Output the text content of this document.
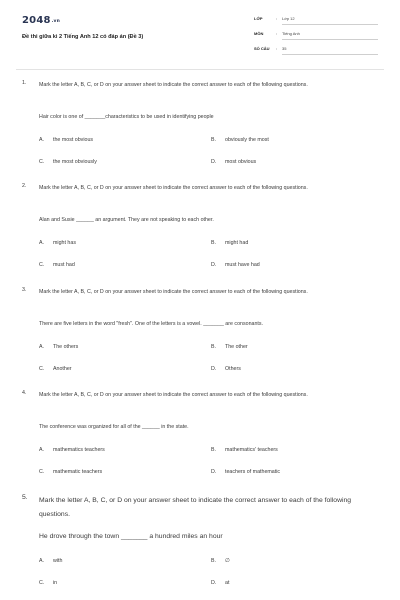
2048.vn
Đề thi giữa kì 2 Tiếng Anh 12 có đáp án (Đề 3)
LỚP	: Lớp 12
MÔN	: Tiếng Anh
SỐ CÂU : 35
1. Mark the letter A, B, C, or D on your answer sheet to indicate the correct answer to each of the following questions.
Hair color is one of _______characteristics to be used in identifying people
A. the most obvious	B. obviously the most
C. the most obviously	D. most obvious
2. Mark the letter A, B, C, or D on your answer sheet to indicate the correct answer to each of the following questions.
Alan and Susie ______ an argument. They are not speaking to each other.
A. might has	B. might had
C. must had	D. must have had
3. Mark the letter A, B, C, or D on your answer sheet to indicate the correct answer to each of the following questions.
There are five letters in the word "fresh". One of the letters is a vowel. _______ are consonants.
A. The others	B. The other
C. Another	D. Others
4. Mark the letter A, B, C, or D on your answer sheet to indicate the correct answer to each of the following questions.
The conference was organized for all of the ______ in the state.
A. mathematics teachers	B. mathematics' teachers
C. mathematic teachers	D. teachers of mathematic
5. Mark the letter A, B, C, or D on your answer sheet to indicate the correct answer to each of the following questions.
He drove through the town _______ a hundred miles an hour
A. with	B. ∅
C. in	D. at
